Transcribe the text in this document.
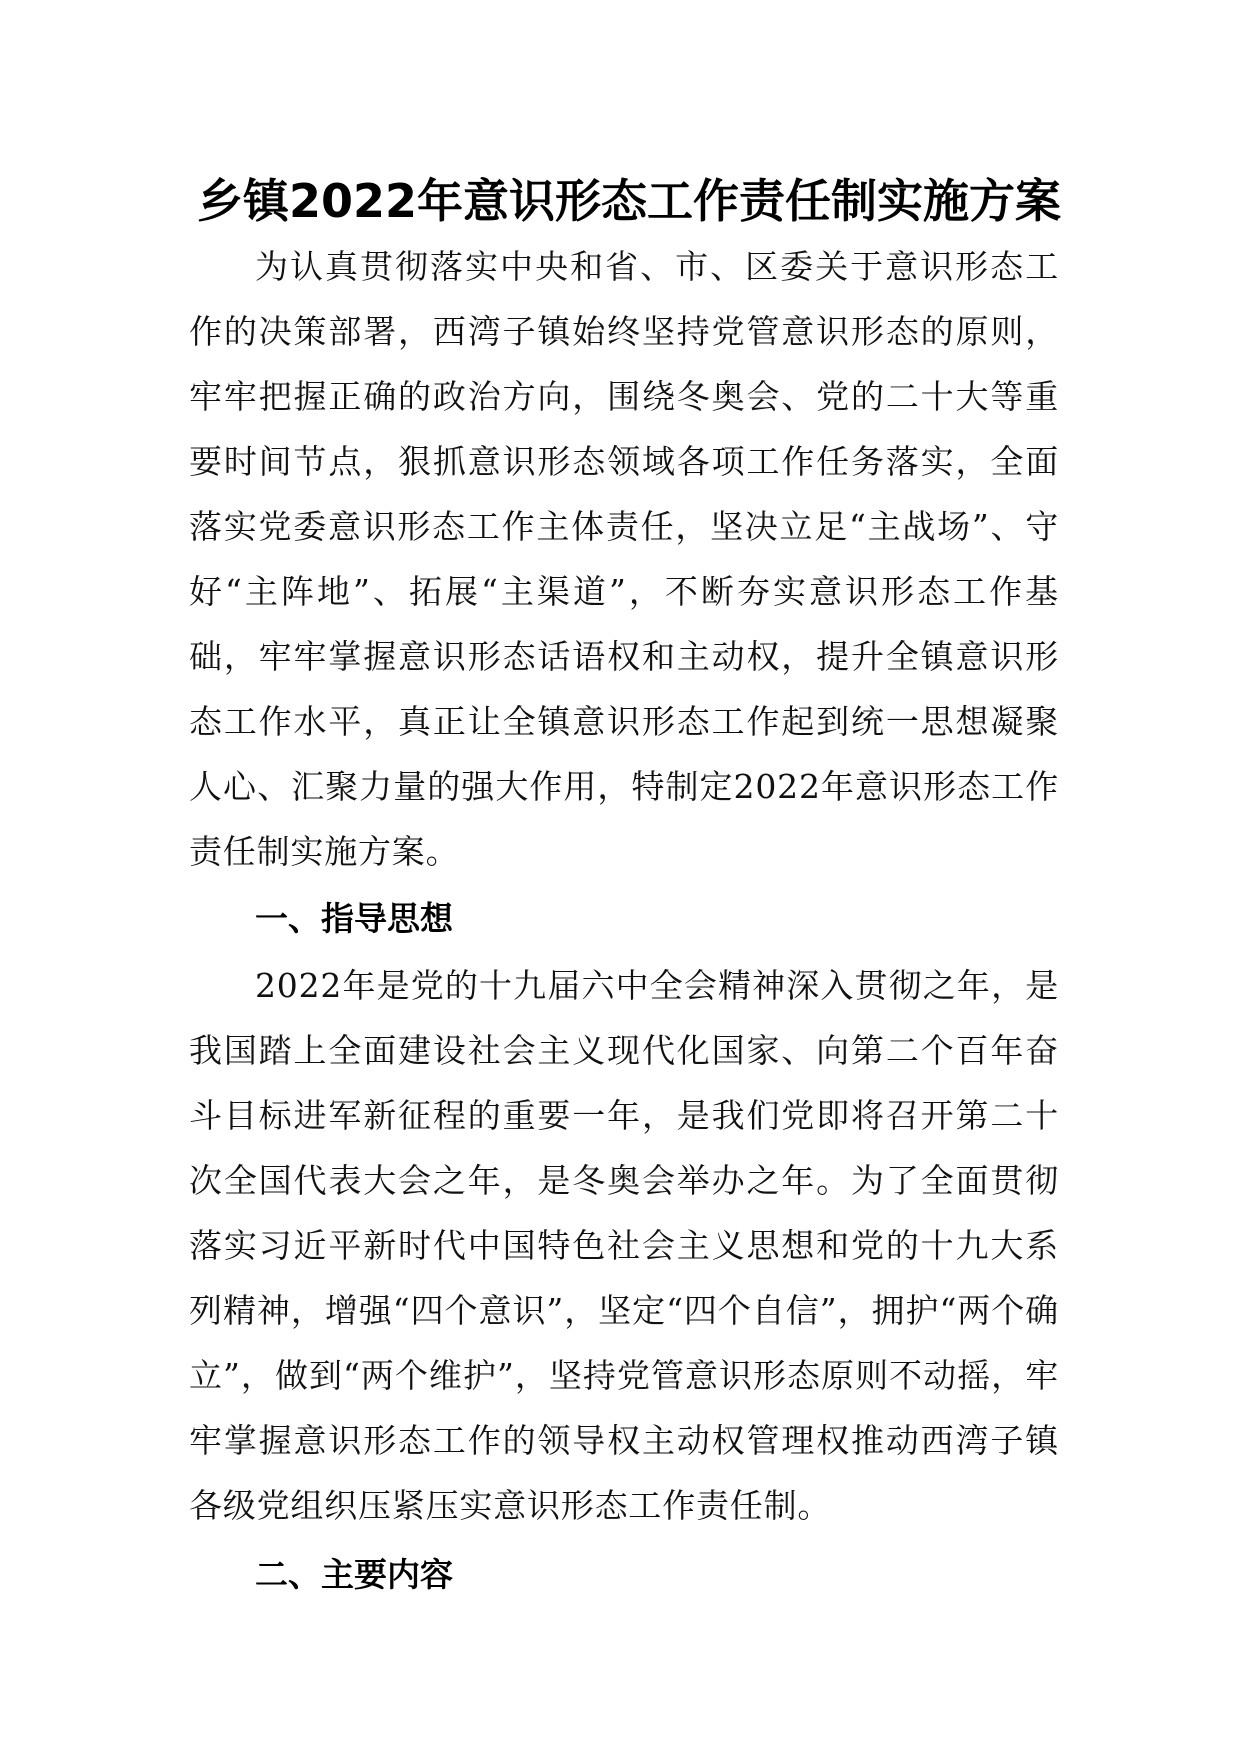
乡镇2022年意识形态工作责任制实施方案

为认真贯彻落实中央和省、市、区委关于意识形态工作的决策部署，西湾子镇始终坚持党管意识形态的原则，牢牢把握正确的政治方向，围绕冬奥会、党的二十大等重要时间节点，狠抓意识形态领域各项工作任务落实，全面落实党委意识形态工作主体责任，坚决立足“主战场”、守好“主阵地”、拓展“主渠道”，不断夯实意识形态工作基础，牢牢掌握意识形态话语权和主动权，提升全镇意识形态工作水平，真正让全镇意识形态工作起到统一思想凝聚人心、汇聚力量的强大作用，特制定2022年意识形态工作责任制实施方案。

一、指导思想

2022年是党的十九届六中全会精神深入贯彻之年，是我国踏上全面建设社会主义现代化国家、向第二个百年奋斗目标进军新征程的重要一年，是我们党即将召开第二十次全国代表大会之年，是冬奥会举办之年。为了全面贯彻落实习近平新时代中国特色社会主义思想和党的十九大系列精神，增强“四个意识”，坚定“四个自信”，拥护“两个确立”，做到“两个维护”，坚持党管意识形态原则不动摇，牢牢掌握意识形态工作的领导权主动权管理权推动西湾子镇各级党组织压紧压实意识形态工作责任制。

二、主要内容
